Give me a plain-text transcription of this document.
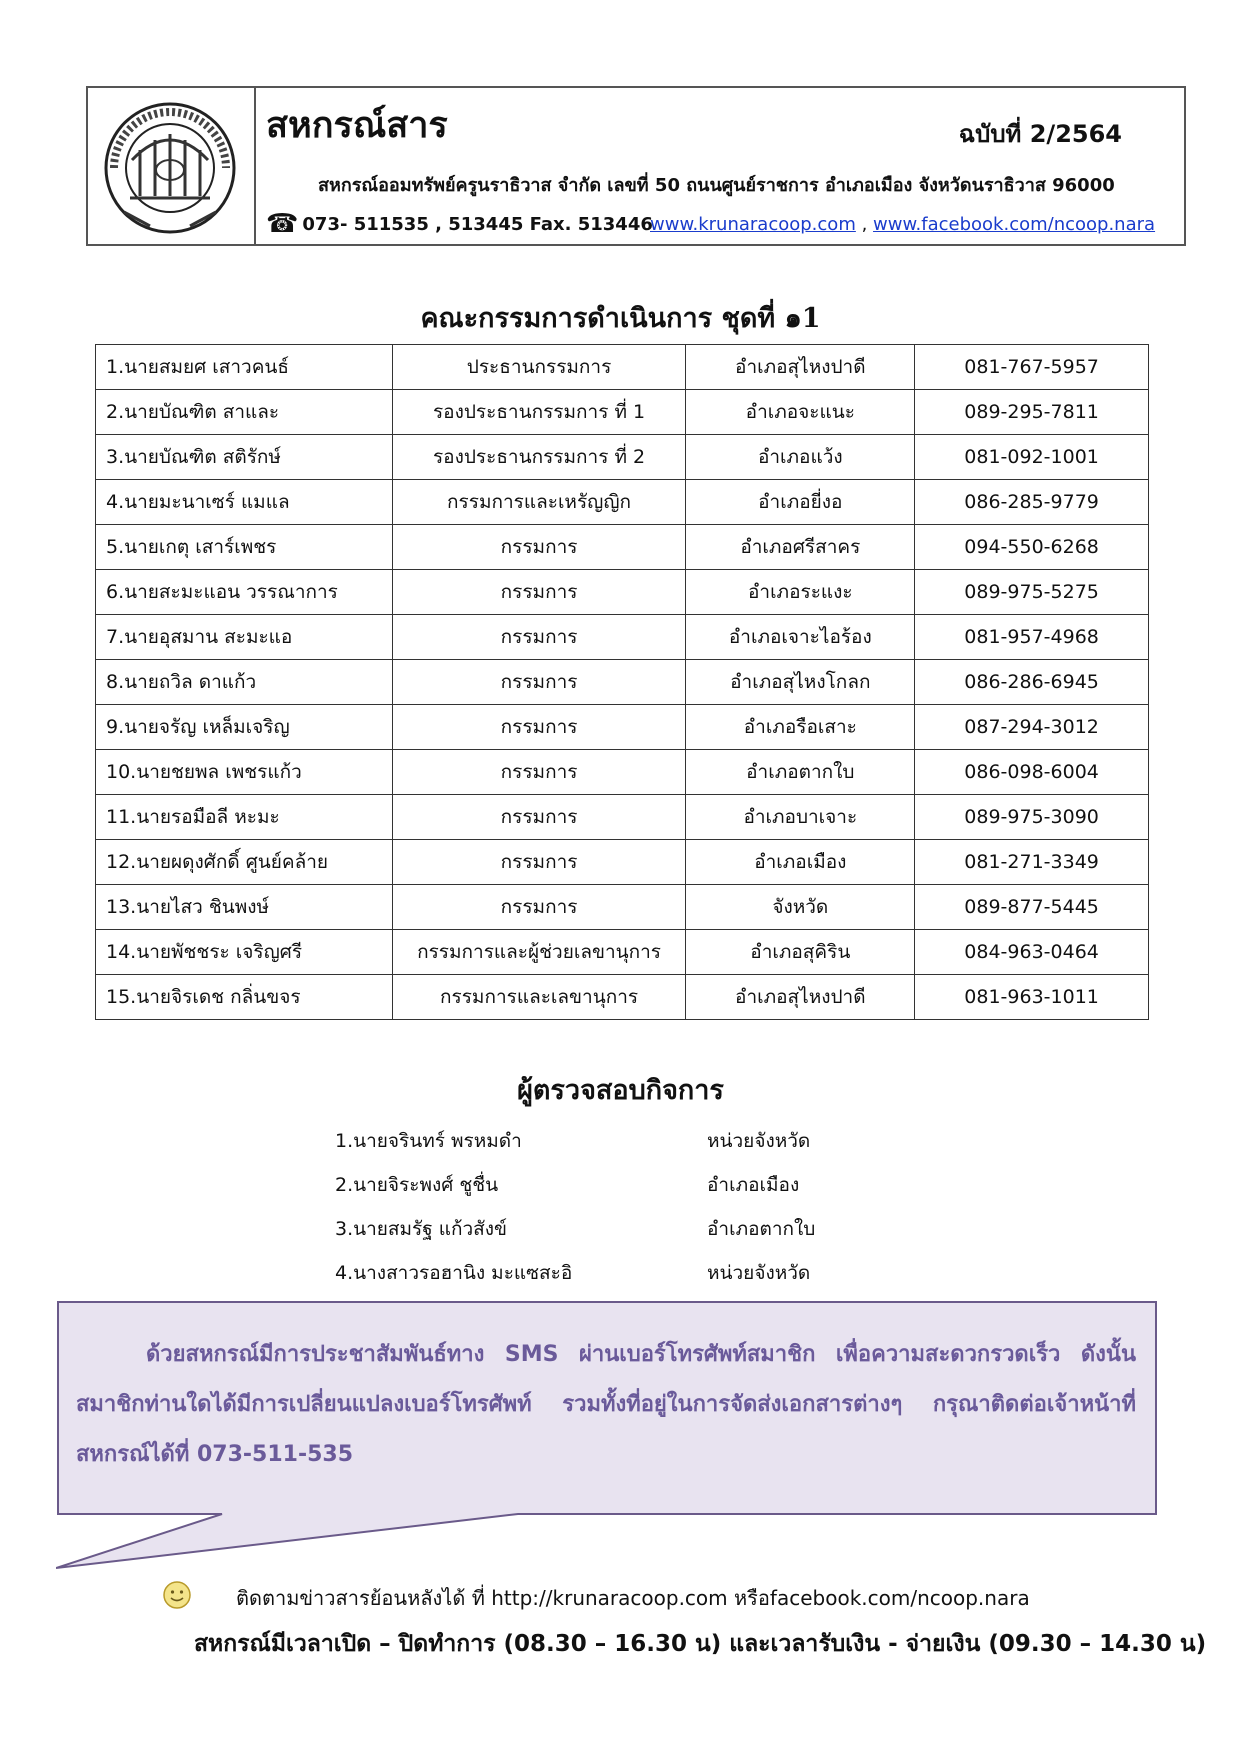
สหกรณ์สาร	ฉบับที่ 2/2564
สหกรณ์ออมทรัพย์ครูนราธิวาส จำกัด เลขที่ 50 ถนนศูนย์ราชการ อำเภอเมือง จังหวัดนราธิวาส 96000
☎ 073- 511535 , 513445 Fax. 513446
www.krunaracoop.com , www.facebook.com/ncoop.nara
คณะกรรมการดำเนินการ ชุดที่ ๑1
1.นายสมยศ เสาวคนธ์	ประธานกรรมการ	อำเภอสุไหงปาดี	081-767-5957
2.นายบัณฑิต สาและ	รองประธานกรรมการ ที่ 1	อำเภอจะแนะ	089-295-7811
3.นายบัณฑิต สติรักษ์	รองประธานกรรมการ ที่ 2	อำเภอแว้ง	081-092-1001
4.นายมะนาเซร์ แมแล	กรรมการและเหรัญญิก	อำเภอยี่งอ	086-285-9779
5.นายเกตุ เสาร์เพชร	กรรมการ	อำเภอศรีสาคร	094-550-6268
6.นายสะมะแอน วรรณาการ	กรรมการ	อำเภอระแงะ	089-975-5275
7.นายอุสมาน สะมะแอ	กรรมการ	อำเภอเจาะไอร้อง	081-957-4968
8.นายถวิล ดาแก้ว	กรรมการ	อำเภอสุไหงโกลก	086-286-6945
9.นายจรัญ เหล็มเจริญ	กรรมการ	อำเภอรือเสาะ	087-294-3012
10.นายชยพล เพชรแก้ว	กรรมการ	อำเภอตากใบ	086-098-6004
11.นายรอมือลี หะมะ	กรรมการ	อำเภอบาเจาะ	089-975-3090
12.นายผดุงศักดิ์ ศูนย์คล้าย	กรรมการ	อำเภอเมือง	081-271-3349
13.นายไสว ชินพงษ์	กรรมการ	จังหวัด	089-877-5445
14.นายพัชชระ เจริญศรี	กรรมการและผู้ช่วยเลขานุการ	อำเภอสุคิริน	084-963-0464
15.นายจิรเดช กลิ่นขจร	กรรมการและเลขานุการ	อำเภอสุไหงปาดี	081-963-1011
ผู้ตรวจสอบกิจการ
1.นายจรินทร์ พรหมดำ	หน่วยจังหวัด
2.นายจิระพงศ์ ชูชื่น	อำเภอเมือง
3.นายสมรัฐ แก้วสังข์	อำเภอตากใบ
4.นางสาวรอฮานิง มะแซสะอิ	หน่วยจังหวัด
ด้วยสหกรณ์มีการประชาสัมพันธ์ทาง SMS ผ่านเบอร์โทรศัพท์สมาชิก เพื่อความสะดวกรวดเร็ว ดังนั้น สมาชิกท่านใดได้มีการเปลี่ยนแปลงเบอร์โทรศัพท์ รวมทั้งที่อยู่ในการจัดส่งเอกสารต่างๆ กรุณาติดต่อเจ้าหน้าที่สหกรณ์ได้ที่ 073-511-535
ติดตามข่าวสารย้อนหลังได้ ที่ http://krunaracoop.com หรือfacebook.com/ncoop.nara
สหกรณ์มีเวลาเปิด – ปิดทำการ (08.30 – 16.30 น) และเวลารับเงิน - จ่ายเงิน (09.30 – 14.30 น)
